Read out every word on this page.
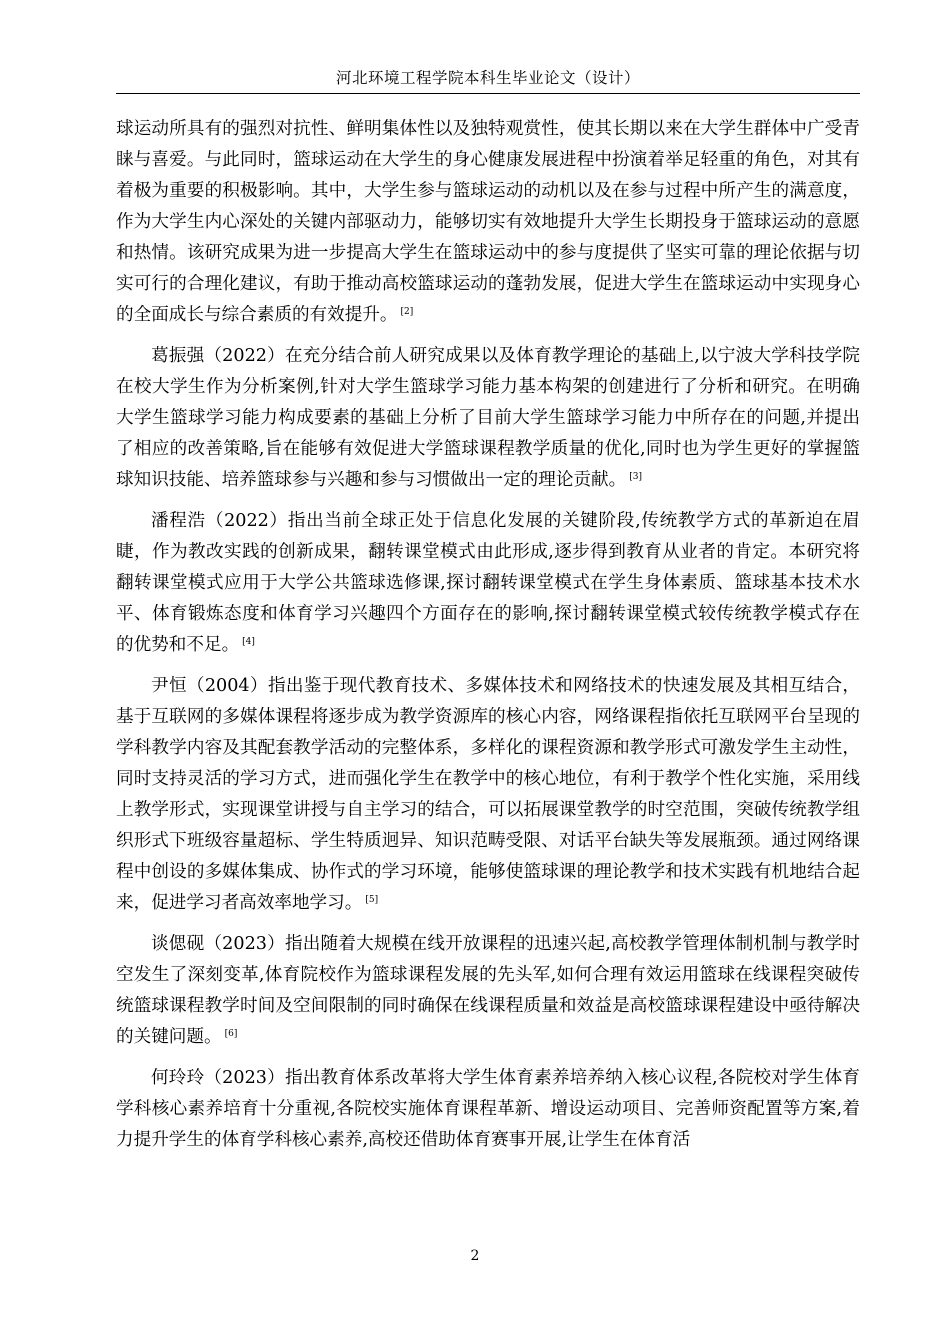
河北环境工程学院本科生毕业论文（设计）

球运动所具有的强烈对抗性、鲜明集体性以及独特观赏性，使其长期以来在大学生群体中广受青睐与喜爱。与此同时，篮球运动在大学生的身心健康发展进程中扮演着举足轻重的角色，对其有着极为重要的积极影响。其中，大学生参与篮球运动的动机以及在参与过程中所产生的满意度，作为大学生内心深处的关键内部驱动力，能够切实有效地提升大学生长期投身于篮球运动的意愿和热情。该研究成果为进一步提高大学生在篮球运动中的参与度提供了坚实可靠的理论依据与切实可行的合理化建议，有助于推动高校篮球运动的蓬勃发展，促进大学生在篮球运动中实现身心的全面成长与综合素质的有效提升。 [2]

葛振强（2022）在充分结合前人研究成果以及体育教学理论的基础上,以宁波大学科技学院在校大学生作为分析案例,针对大学生篮球学习能力基本构架的创建进行了分析和研究。在明确大学生篮球学习能力构成要素的基础上分析了目前大学生篮球学习能力中所存在的问题,并提出了相应的改善策略,旨在能够有效促进大学篮球课程教学质量的优化,同时也为学生更好的掌握篮球知识技能、培养篮球参与兴趣和参与习惯做出一定的理论贡献。 [3]

潘程浩（2022）指出当前全球正处于信息化发展的关键阶段,传统教学方式的革新迫在眉睫，作为教改实践的创新成果，翻转课堂模式由此形成,逐步得到教育从业者的肯定。本研究将翻转课堂模式应用于大学公共篮球选修课,探讨翻转课堂模式在学生身体素质、篮球基本技术水平、体育锻炼态度和体育学习兴趣四个方面存在的影响,探讨翻转课堂模式较传统教学模式存在的优势和不足。 [4]

尹恒（2004）指出鉴于现代教育技术、多媒体技术和网络技术的快速发展及其相互结合，基于互联网的多媒体课程将逐步成为教学资源库的核心内容，网络课程指依托互联网平台呈现的学科教学内容及其配套教学活动的完整体系，多样化的课程资源和教学形式可激发学生主动性，同时支持灵活的学习方式，进而强化学生在教学中的核心地位，有利于教学个性化实施，采用线上教学形式，实现课堂讲授与自主学习的结合，可以拓展课堂教学的时空范围，突破传统教学组织形式下班级容量超标、学生特质迥异、知识范畴受限、对话平台缺失等发展瓶颈。通过网络课程中创设的多媒体集成、协作式的学习环境，能够使篮球课的理论教学和技术实践有机地结合起来，促进学习者高效率地学习。 [5]

谈偲砚（2023）指出随着大规模在线开放课程的迅速兴起,高校教学管理体制机制与教学时空发生了深刻变革,体育院校作为篮球课程发展的先头军,如何合理有效运用篮球在线课程突破传统篮球课程教学时间及空间限制的同时确保在线课程质量和效益是高校篮球课程建设中亟待解决的关键问题。 [6]

何玲玲（2023）指出教育体系改革将大学生体育素养培养纳入核心议程,各院校对学生体育学科核心素养培育十分重视,各院校实施体育课程革新、增设运动项目、完善师资配置等方案,着力提升学生的体育学科核心素养,高校还借助体育赛事开展,让学生在体育活

2
